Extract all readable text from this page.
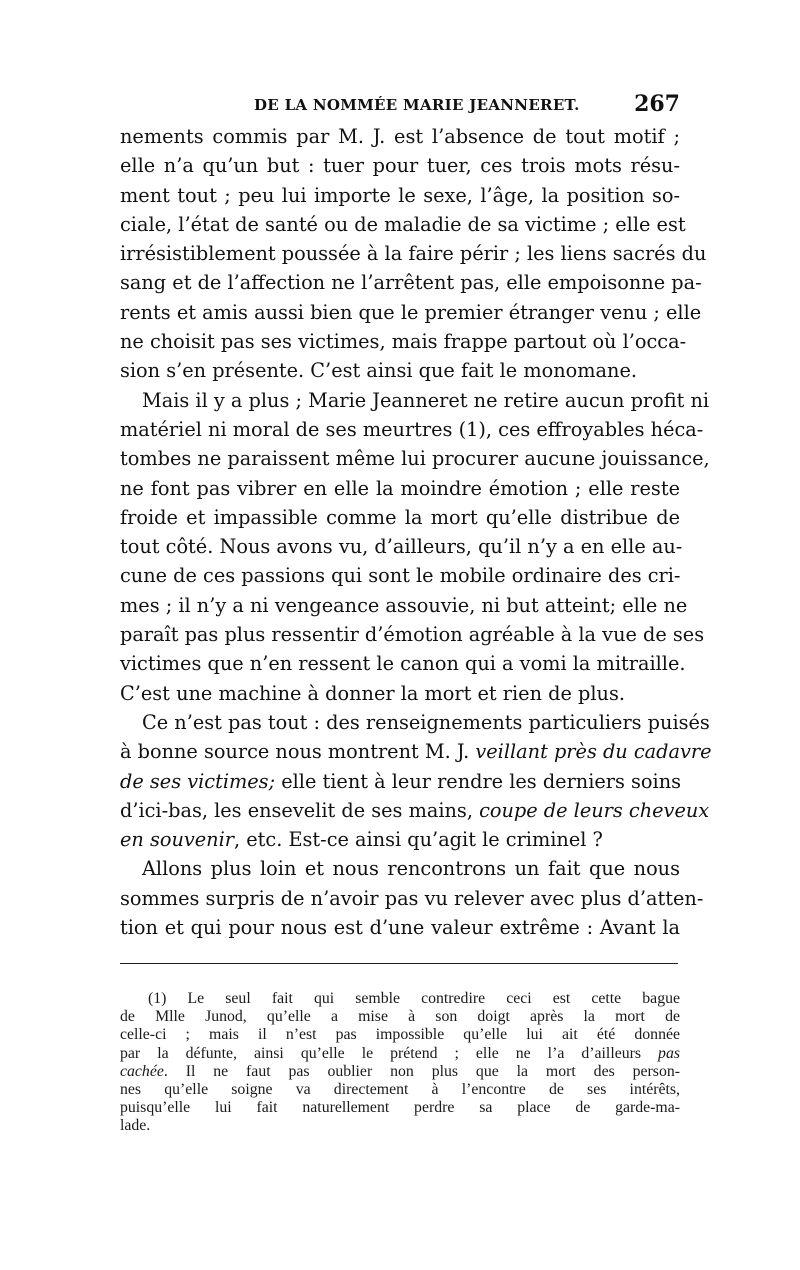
DE LA NOMMÉE MARIE JEANNERET. 267
nements commis par M. J. est l’absence de tout motif ;
elle n’a qu’un but : tuer pour tuer, ces trois mots résu-
ment tout ; peu lui importe le sexe, l’âge, la position so-
ciale, l’état de santé ou de maladie de sa victime ; elle est
irrésistiblement poussée à la faire périr ; les liens sacrés du
sang et de l’affection ne l’arrêtent pas, elle empoisonne pa-
rents et amis aussi bien que le premier étranger venu ; elle
ne choisit pas ses victimes, mais frappe partout où l’occa-
sion s’en présente. C’est ainsi que fait le monomane.
Mais il y a plus ; Marie Jeanneret ne retire aucun profit ni
matériel ni moral de ses meurtres (1), ces effroyables héca-
tombes ne paraissent même lui procurer aucune jouissance,
ne font pas vibrer en elle la moindre émotion ; elle reste
froide et impassible comme la mort qu’elle distribue de
tout côté. Nous avons vu, d’ailleurs, qu’il n’y a en elle au-
cune de ces passions qui sont le mobile ordinaire des cri-
mes ; il n’y a ni vengeance assouvie, ni but atteint; elle ne
paraît pas plus ressentir d’émotion agréable à la vue de ses
victimes que n’en ressent le canon qui a vomi la mitraille.
C’est une machine à donner la mort et rien de plus.
Ce n’est pas tout : des renseignements particuliers puisés
à bonne source nous montrent M. J. veillant près du cadavre
de ses victimes; elle tient à leur rendre les derniers soins
d’ici-bas, les ensevelit de ses mains, coupe de leurs cheveux
en souvenir, etc. Est-ce ainsi qu’agit le criminel ?
Allons plus loin et nous rencontrons un fait que nous
sommes surpris de n’avoir pas vu relever avec plus d’atten-
tion et qui pour nous est d’une valeur extrême : Avant la
(1) Le seul fait qui semble contredire ceci est cette bague
de Mlle Junod, qu’elle a mise à son doigt après la mort de
celle-ci ; mais il n’est pas impossible qu’elle lui ait été donnée
par la défunte, ainsi qu’elle le prétend ; elle ne l’a d’ailleurs pas
cachée. Il ne faut pas oublier non plus que la mort des person-
nes qu’elle soigne va directement à l’encontre de ses intérêts,
puisqu’elle lui fait naturellement perdre sa place de garde-ma-
lade.
